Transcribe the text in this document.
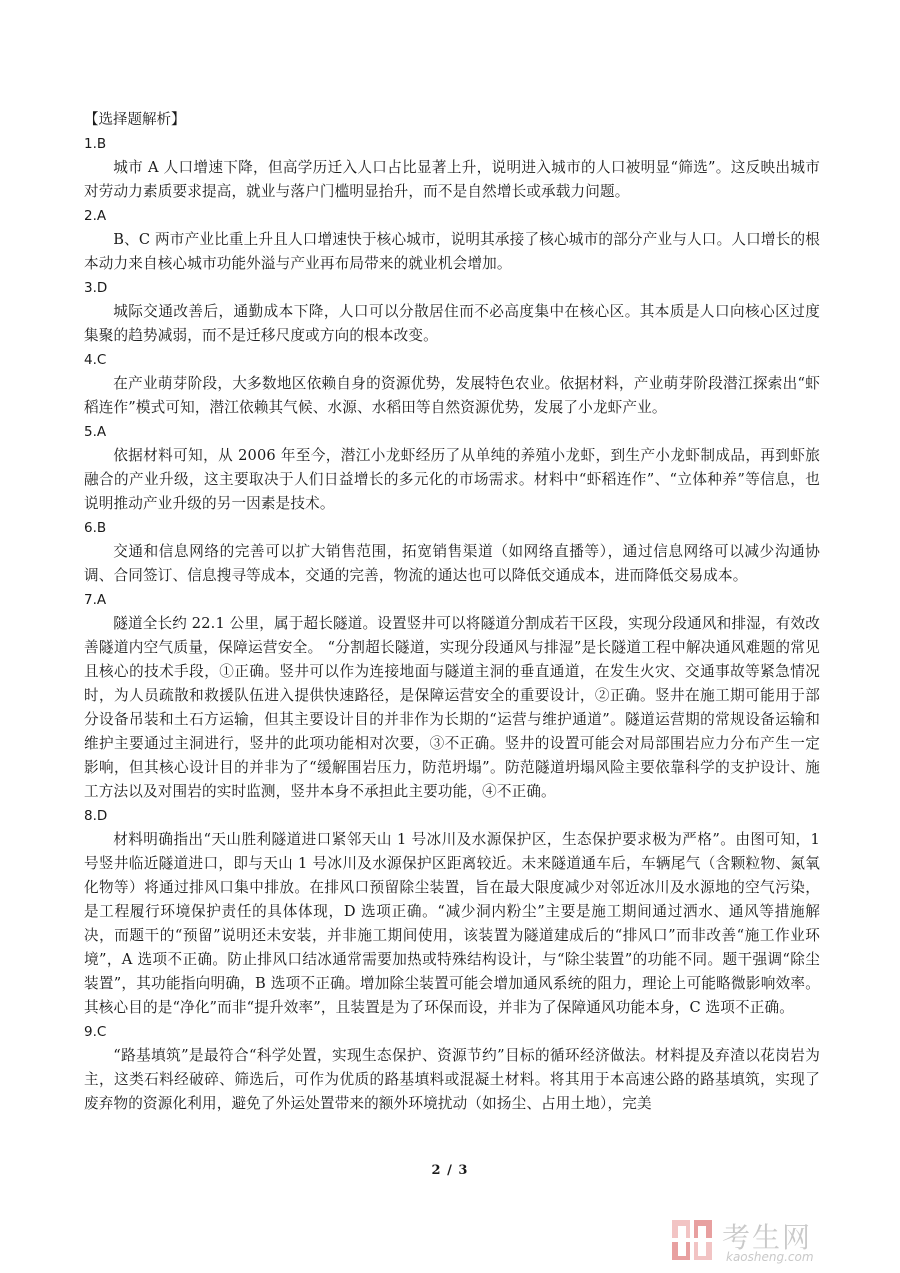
【选择题解析】

1.B

城市 A 人口增速下降，但高学历迁入人口占比显著上升，说明进入城市的人口被明显“筛选”。这反映出城市对劳动力素质要求提高，就业与落户门槛明显抬升，而不是自然增长或承载力问题。

2.A

B、C 两市产业比重上升且人口增速快于核心城市，说明其承接了核心城市的部分产业与人口。人口增长的根本动力来自核心城市功能外溢与产业再布局带来的就业机会增加。

3.D

城际交通改善后，通勤成本下降，人口可以分散居住而不必高度集中在核心区。其本质是人口向核心区过度集聚的趋势减弱，而不是迁移尺度或方向的根本改变。

4.C

在产业萌芽阶段，大多数地区依赖自身的资源优势，发展特色农业。依据材料，产业萌芽阶段潜江探索出“虾稻连作”模式可知，潜江依赖其气候、水源、水稻田等自然资源优势，发展了小龙虾产业。

5.A

依据材料可知，从 2006 年至今，潜江小龙虾经历了从单纯的养殖小龙虾，到生产小龙虾制成品，再到虾旅融合的产业升级，这主要取决于人们日益增长的多元化的市场需求。材料中“虾稻连作”、“立体种养”等信息，也说明推动产业升级的另一因素是技术。

6.B

交通和信息网络的完善可以扩大销售范围，拓宽销售渠道（如网络直播等），通过信息网络可以减少沟通协调、合同签订、信息搜寻等成本，交通的完善，物流的通达也可以降低交通成本，进而降低交易成本。

7.A

隧道全长约 22.1 公里，属于超长隧道。设置竖井可以将隧道分割成若干区段，实现分段通风和排湿，有效改善隧道内空气质量，保障运营安全。 “分割超长隧道，实现分段通风与排湿”是长隧道工程中解决通风难题的常见且核心的技术手段，①正确。竖井可以作为连接地面与隧道主洞的垂直通道，在发生火灾、交通事故等紧急情况时，为人员疏散和救援队伍进入提供快速路径，是保障运营安全的重要设计，②正确。竖井在施工期可能用于部分设备吊装和土石方运输，但其主要设计目的并非作为长期的“运营与维护通道”。隧道运营期的常规设备运输和维护主要通过主洞进行，竖井的此项功能相对次要，③不正确。竖井的设置可能会对局部围岩应力分布产生一定影响，但其核心设计目的并非为了“缓解围岩压力，防范坍塌”。防范隧道坍塌风险主要依靠科学的支护设计、施工方法以及对围岩的实时监测，竖井本身不承担此主要功能，④不正确。

8.D

材料明确指出“天山胜利隧道进口紧邻天山 1 号冰川及水源保护区，生态保护要求极为严格”。由图可知，1 号竖井临近隧道进口，即与天山 1 号冰川及水源保护区距离较近。未来隧道通车后，车辆尾气（含颗粒物、氮氧化物等）将通过排风口集中排放。在排风口预留除尘装置，旨在最大限度减少对邻近冰川及水源地的空气污染，是工程履行环境保护责任的具体体现，D 选项正确。“减少洞内粉尘”主要是施工期间通过洒水、通风等措施解决，而题干的“预留”说明还未安装，并非施工期间使用，该装置为隧道建成后的“排风口”而非改善“施工作业环境”，A 选项不正确。防止排风口结冰通常需要加热或特殊结构设计，与“除尘装置”的功能不同。题干强调“除尘装置”，其功能指向明确，B 选项不正确。增加除尘装置可能会增加通风系统的阻力，理论上可能略微影响效率。其核心目的是“净化”而非“提升效率”，且装置是为了环保而设，并非为了保障通风功能本身，C 选项不正确。

9.C

“路基填筑”是最符合“科学处置，实现生态保护、资源节约”目标的循环经济做法。材料提及弃渣以花岗岩为主，这类石料经破碎、筛选后，可作为优质的路基填料或混凝土材料。将其用于本高速公路的路基填筑，实现了废弃物的资源化利用，避免了外运处置带来的额外环境扰动（如扬尘、占用土地），完美

2 / 3
考生网
kaosheng.com
